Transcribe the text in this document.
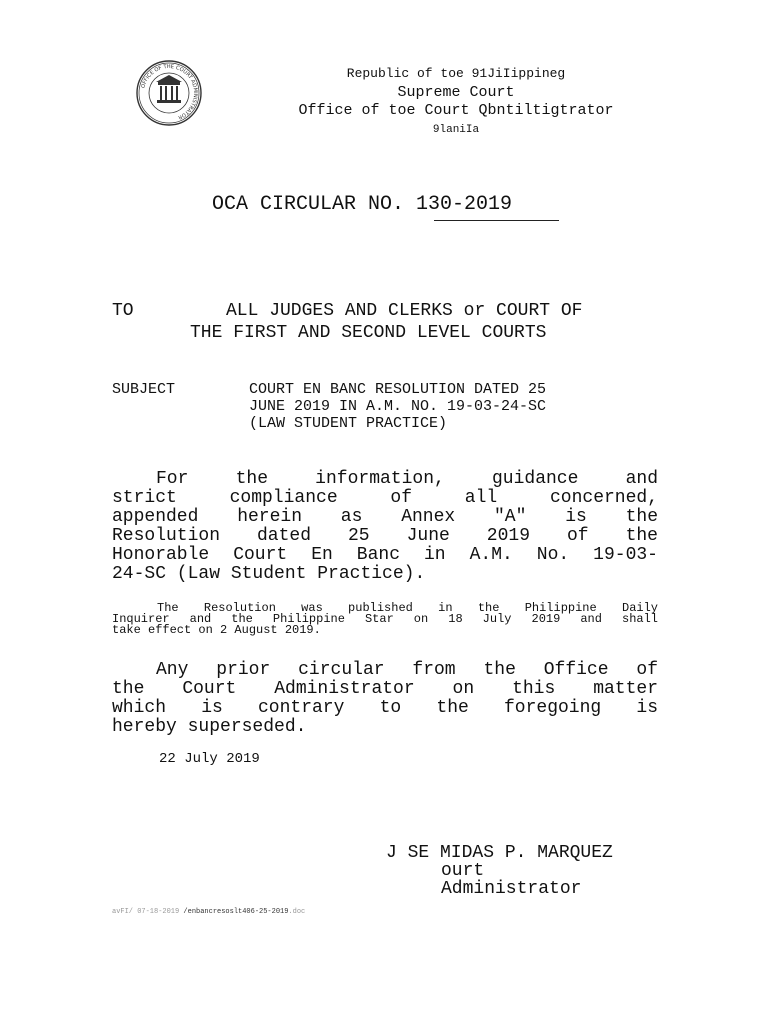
OFFICE OF THE COURT ADMINISTRATOR

Republic of toe 91JiIippineg

Supreme Court

Office of toe Court Qbntiltigtrator

9laniIa

OCA CIRCULAR NO. 130-2019

TO	ALL JUDGES AND CLERKS or COURT OF

THE FIRST AND SECOND LEVEL COURTS

SUBJECT	COURT EN BANC RESOLUTION DATED 25

JUNE 2019 IN A.M. NO. 19-03-24-SC

(LAW STUDENT PRACTICE)

For the information, guidance and
strict compliance of all concerned,
appended herein as Annex "A" is the
Resolution dated 25 June 2019 of the
Honorable Court En Banc in A.M. No. 19-03-
24-SC (Law Student Practice).
The Resolution was published in the Philippine Daily
Inquirer and the Philippine Star on 18 July 2019 and shall
take effect on 2 August 2019.
Any prior circular from the Office of
the Court Administrator on this matter
which is contrary to the foregoing is
hereby superseded.

22 July 2019

J SE MIDAS P. MARQUEZ

ourt

Administrator

avFI/ 07-18-2019 /enbancresoslt406-25-2019.doc
